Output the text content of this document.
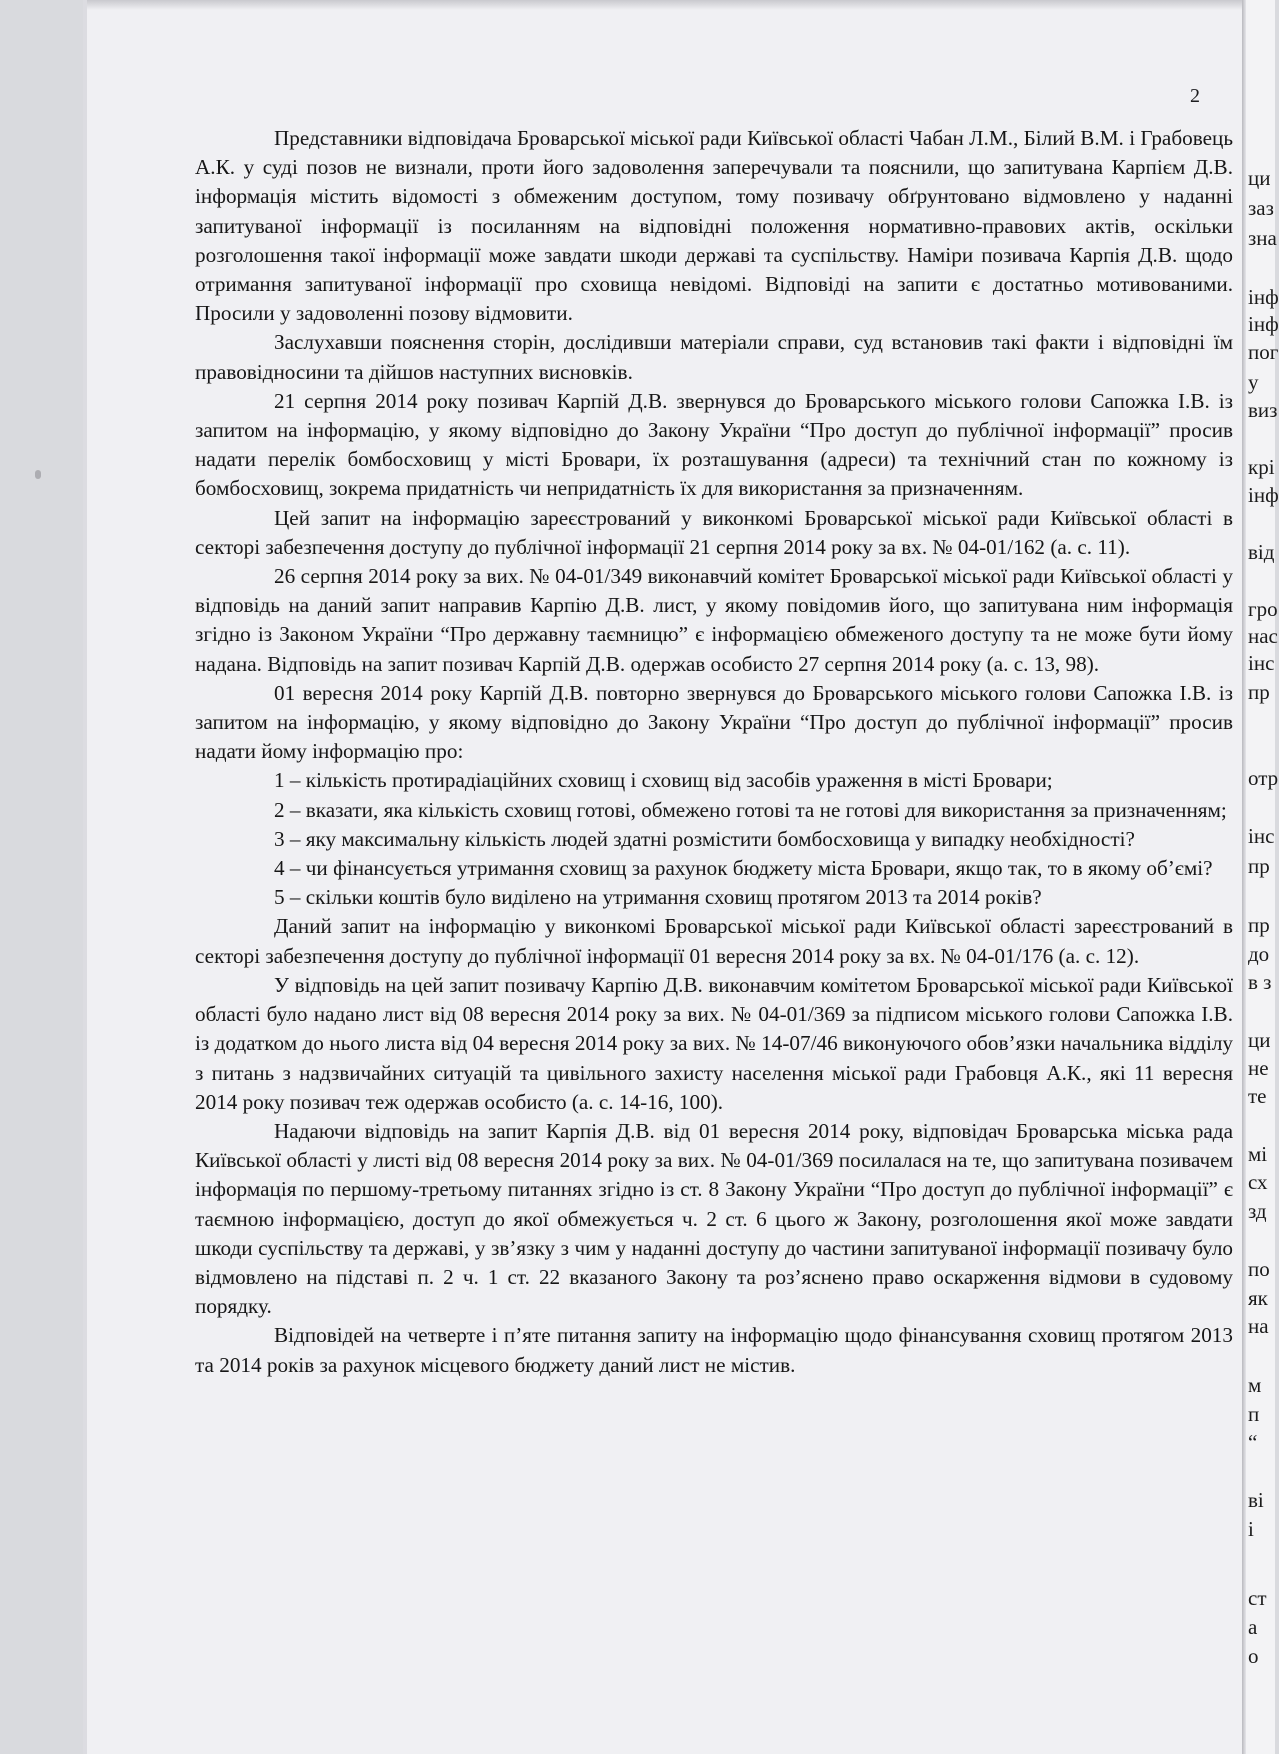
2

Представники відповідача Броварської міської ради Київської області Чабан Л.М., Білий В.М. і Грабовець А.К. у суді позов не визнали, проти його задоволення заперечували та пояснили, що запитувана Карпієм Д.В. інформація містить відомості з обмеженим доступом, тому позивачу обґрунтовано відмовлено у наданні запитуваної інформації із посиланням на відповідні положення нормативно-правових актів, оскільки розголошення такої інформації може завдати шкоди державі та суспільству. Наміри позивача Карпія Д.В. щодо отримання запитуваної інформації про сховища невідомі. Відповіді на запити є достатньо мотивованими. Просили у задоволенні позову відмовити.

Заслухавши пояснення сторін, дослідивши матеріали справи, суд встановив такі факти і відповідні їм правовідносини та дійшов наступних висновків.

21 серпня 2014 року позивач Карпій Д.В. звернувся до Броварського міського голови Сапожка І.В. із запитом на інформацію, у якому відповідно до Закону України “Про доступ до публічної інформації” просив надати перелік бомбосховищ у місті Бровари, їх розташування (адреси) та технічний стан по кожному із бомбосховищ, зокрема придатність чи непридатність їх для використання за призначенням.

Цей запит на інформацію зареєстрований у виконкомі Броварської міської ради Київської області в секторі забезпечення доступу до публічної інформації 21 серпня 2014 року за вх. № 04-01/162 (а. с. 11).

26 серпня 2014 року за вих. № 04-01/349 виконавчий комітет Броварської міської ради Київської області у відповідь на даний запит направив Карпію Д.В. лист, у якому повідомив його, що запитувана ним інформація згідно із Законом України “Про державну таємницю” є інформацією обмеженого доступу та не може бути йому надана. Відповідь на запит позивач Карпій Д.В. одержав особисто 27 серпня 2014 року (а. с. 13, 98).

01 вересня 2014 року Карпій Д.В. повторно звернувся до Броварського міського голови Сапожка І.В. із запитом на інформацію, у якому відповідно до Закону України “Про доступ до публічної інформації” просив надати йому інформацію про:

1 – кількість протирадіаційних сховищ і сховищ від засобів ураження в місті Бровари;

2 – вказати, яка кількість сховищ готові, обмежено готові та не готові для використання за призначенням;

3 – яку максимальну кількість людей здатні розмістити бомбосховища у випадку необхідності?

4 – чи фінансується утримання сховищ за рахунок бюджету міста Бровари, якщо так, то в якому об’ємі?

5 – скільки коштів було виділено на утримання сховищ протягом 2013 та 2014 років?

Даний запит на інформацію у виконкомі Броварської міської ради Київської області зареєстрований в секторі забезпечення доступу до публічної інформації 01 вересня 2014 року за вх. № 04-01/176 (а. с. 12).

У відповідь на цей запит позивачу Карпію Д.В. виконавчим комітетом Броварської міської ради Київської області було надано лист від 08 вересня 2014 року за вих. № 04-01/369 за підписом міського голови Сапожка І.В. із додатком до нього листа від 04 вересня 2014 року за вих. № 14-07/46 виконуючого обов’язки начальника відділу з питань з надзвичайних ситуацій та цивільного захисту населення міської ради Грабовця А.К., які 11 вересня 2014 року позивач теж одержав особисто (а. с. 14-16, 100).

Надаючи відповідь на запит Карпія Д.В. від 01 вересня 2014 року, відповідач Броварська міська рада Київської області у листі від 08 вересня 2014 року за вих. № 04-01/369 посилалася на те, що запитувана позивачем інформація по першому-третьому питаннях згідно із ст. 8 Закону України “Про доступ до публічної інформації” є таємною інформацією, доступ до якої обмежується ч. 2 ст. 6 цього ж Закону, розголошення якої може завдати шкоди суспільству та державі, у зв’язку з чим у наданні доступу до частини запитуваної інформації позивачу було відмовлено на підставі п. 2 ч. 1 ст. 22 вказаного Закону та роз’яснено право оскарження відмови в судовому порядку.

Відповідей на четверте і п’яте питання запиту на інформацію щодо фінансування сховищ протягом 2013 та 2014 років за рахунок місцевого бюджету даний лист не містив.

ци
заз
зна
інф
інф
пог
у
виз
крі
інф
від
гро
нас
інс
пр
отр
інс
пр
пр
до
в з
ци
не
те
мі
сх
зд
по
як
на
м
п
“
ві
і
ст
а
о
